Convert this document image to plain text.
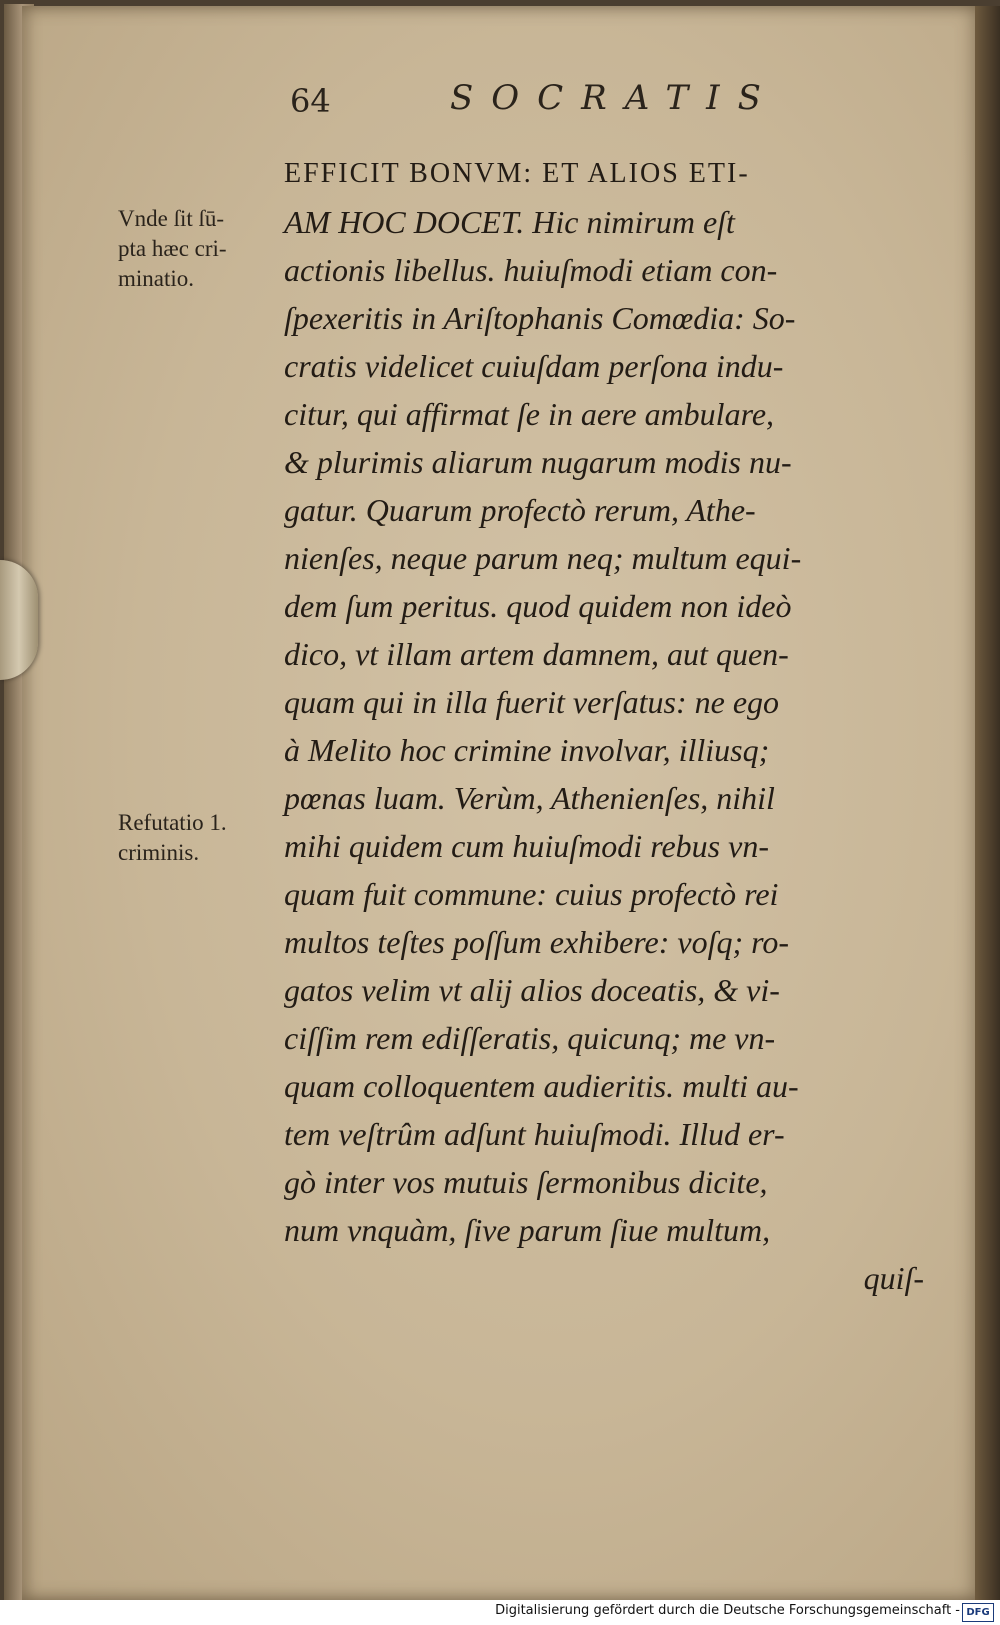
64	SOCRATIS
Vnde ſit ſū-
pta hæc cri-
minatio.
Refutatio 1.
criminis.
EFFICIT BONVM: ET ALIOS ETI-
AM HOC DOCET. Hic nimirum eſt
actionis libellus. huiuſmodi etiam con-
ſpexeritis in Ariſtophanis Comœdia: So-
cratis videlicet cuiuſdam perſona indu-
citur, qui affirmat ſe in aere ambulare,
& plurimis aliarum nugarum modis nu-
gatur. Quarum profectò rerum, Athe-
nienſes, neque parum neq; multum equi-
dem ſum peritus. quod quidem non ideò
dico, vt illam artem damnem, aut quen-
quam qui in illa fuerit verſatus: ne ego
à Melito hoc crimine involvar, illiusq;
pœnas luam. Verùm, Athenienſes, nihil
mihi quidem cum huiuſmodi rebus vn-
quam fuit commune: cuius profectò rei
multos teſtes poſſum exhibere: voſq; ro-
gatos velim vt alij alios doceatis, & vi-
ciſſim rem ediſſeratis, quicunq; me vn-
quam colloquentem audieritis. multi au-
tem veſtrûm adſunt huiuſmodi. Illud er-
gò inter vos mutuis ſermonibus dicite,
num vnquàm, ſive parum ſiue multum,
quiſ-
Digitalisierung gefördert durch die Deutsche Forschungsgemeinschaft - DFG
